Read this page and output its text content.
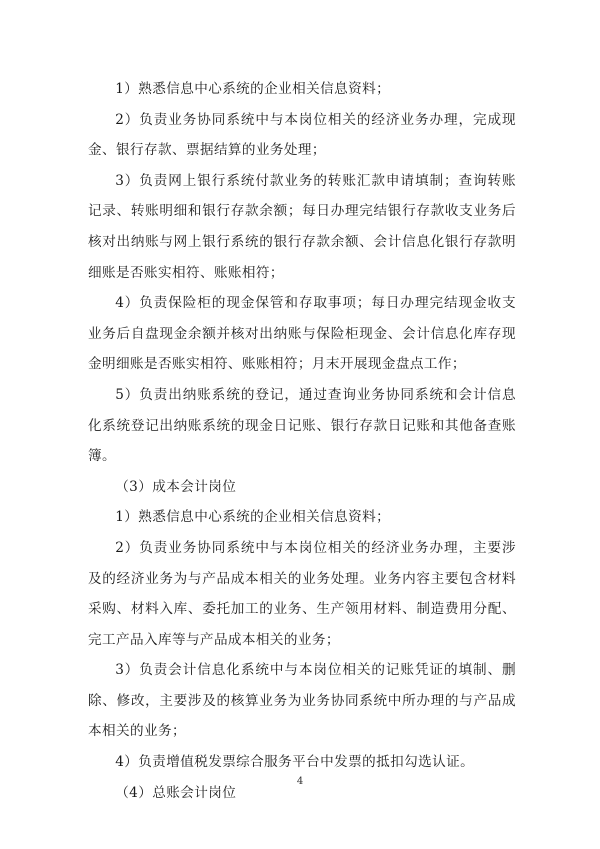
1）熟悉信息中心系统的企业相关信息资料；

2）负责业务协同系统中与本岗位相关的经济业务办理，完成现金、银行存款、票据结算的业务处理；

3）负责网上银行系统付款业务的转账汇款申请填制；查询转账记录、转账明细和银行存款余额；每日办理完结银行存款收支业务后核对出纳账与网上银行系统的银行存款余额、会计信息化银行存款明细账是否账实相符、账账相符；

4）负责保险柜的现金保管和存取事项；每日办理完结现金收支业务后自盘现金余额并核对出纳账与保险柜现金、会计信息化库存现金明细账是否账实相符、账账相符；月末开展现金盘点工作；

5）负责出纳账系统的登记，通过查询业务协同系统和会计信息化系统登记出纳账系统的现金日记账、银行存款日记账和其他备查账簿。

（3）成本会计岗位

1）熟悉信息中心系统的企业相关信息资料；

2）负责业务协同系统中与本岗位相关的经济业务办理，主要涉及的经济业务为与产品成本相关的业务处理。业务内容主要包含材料采购、材料入库、委托加工的业务、生产领用材料、制造费用分配、完工产品入库等与产品成本相关的业务；

3）负责会计信息化系统中与本岗位相关的记账凭证的填制、删除、修改，主要涉及的核算业务为业务协同系统中所办理的与产品成本相关的业务；

4）负责增值税发票综合服务平台中发票的抵扣勾选认证。

（4）总账会计岗位

4
